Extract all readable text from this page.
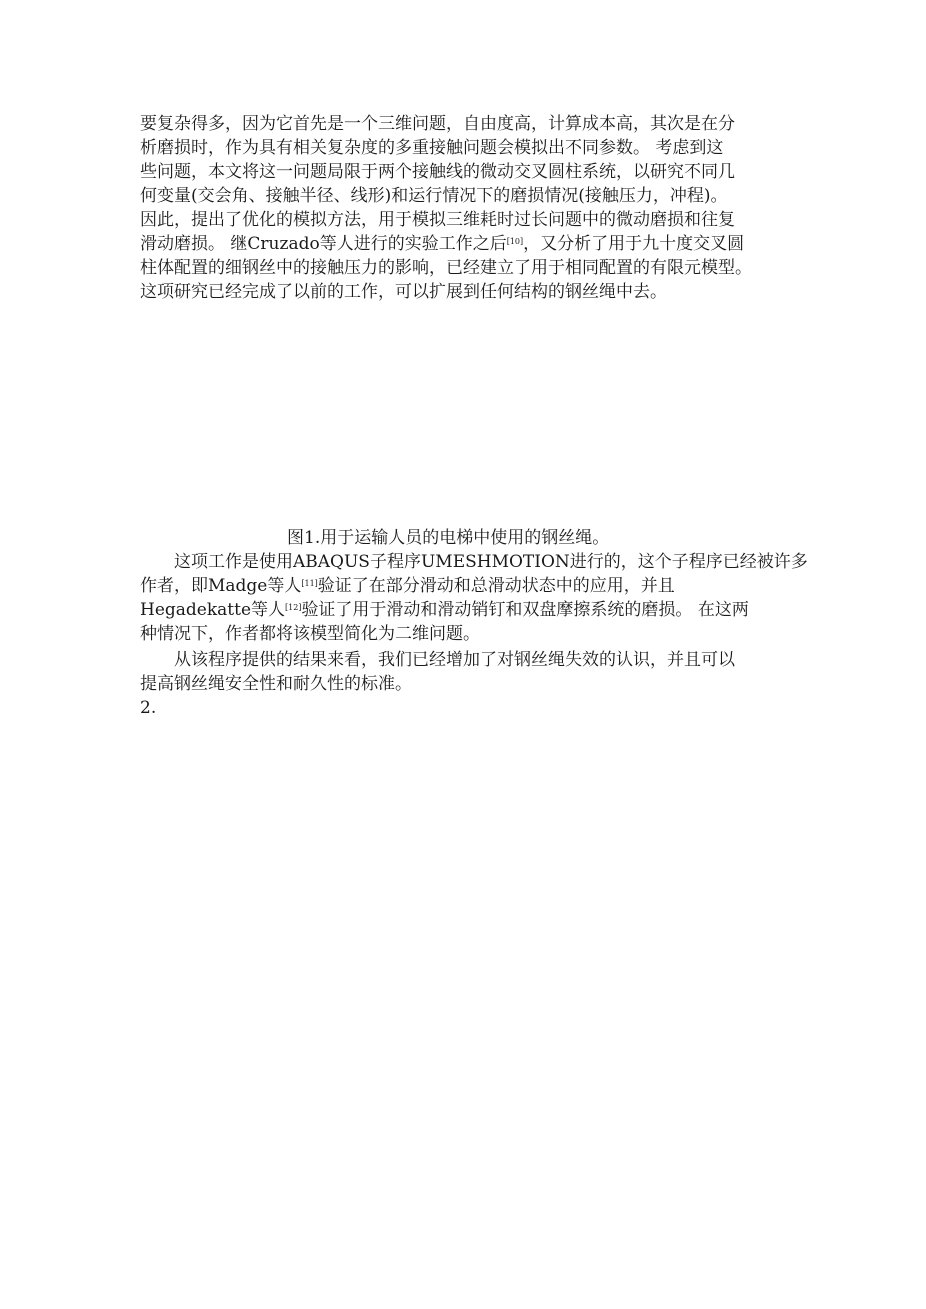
要复杂得多，因为它首先是一个三维问题，自由度高，计算成本高，其次是在分
析磨损时，作为具有相关复杂度的多重接触问题会模拟出不同参数。 考虑到这
些问题，本文将这一问题局限于两个接触线的微动交叉圆柱系统，以研究不同几
何变量(交会角、接触半径、线形)和运行情况下的磨损情况(接触压力，冲程)。
因此，提出了优化的模拟方法，用于模拟三维耗时过长问题中的微动磨损和往复
滑动磨损。 继Cruzado等人进行的实验工作之后[10]，又分析了用于九十度交叉圆
柱体配置的细钢丝中的接触压力的影响，已经建立了用于相同配置的有限元模型。
这项研究已经完成了以前的工作，可以扩展到任何结构的钢丝绳中去。
图1.用于运输人员的电梯中使用的钢丝绳。
　　这项工作是使用ABAQUS子程序UMESHMOTION进行的，这个子程序已经被许多
作者，即Madge等人[11]验证了在部分滑动和总滑动状态中的应用，并且
Hegadekatte等人[12]验证了用于滑动和滑动销钉和双盘摩擦系统的磨损。 在这两
种情况下，作者都将该模型简化为二维问题。
　　从该程序提供的结果来看，我们已经增加了对钢丝绳失效的认识，并且可以
提高钢丝绳安全性和耐久性的标准。
2.
